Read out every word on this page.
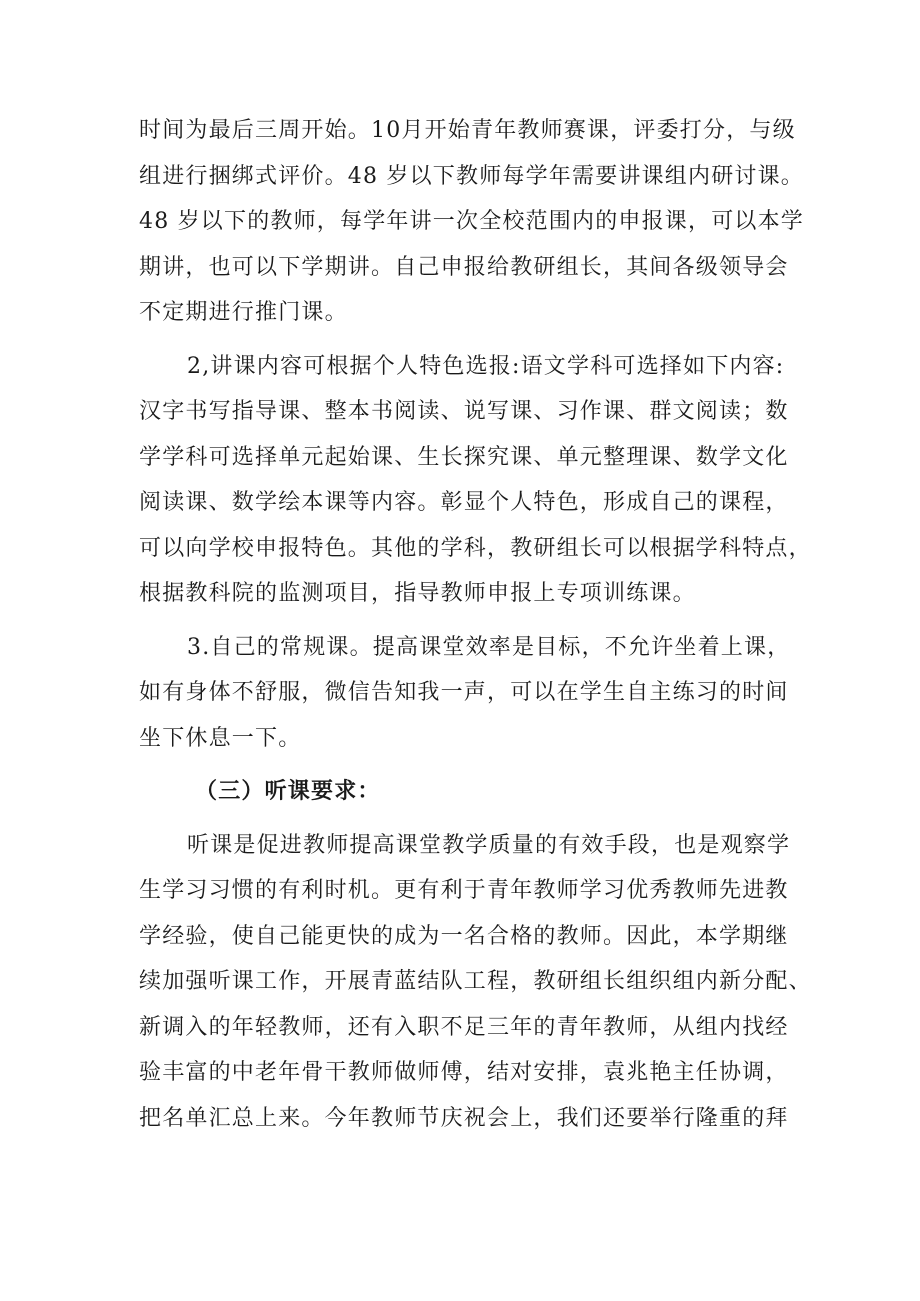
时间为最后三周开始。10月开始青年教师赛课，评委打分，与级
组进行捆绑式评价。48 岁以下教师每学年需要讲课组内研讨课。
48 岁以下的教师，每学年讲一次全校范围内的申报课，可以本学
期讲，也可以下学期讲。自己申报给教研组长，其间各级领导会
不定期进行推门课。
2,讲课内容可根据个人特色选报:语文学科可选择如下内容:
汉字书写指导课、整本书阅读、说写课、习作课、群文阅读；数
学学科可选择单元起始课、生长探究课、单元整理课、数学文化
阅读课、数学绘本课等内容。彰显个人特色，形成自己的课程，
可以向学校申报特色。其他的学科，教研组长可以根据学科特点，
根据教科院的监测项目，指导教师申报上专项训练课。
3.自己的常规课。提高课堂效率是目标，不允许坐着上课，
如有身体不舒服，微信告知我一声，可以在学生自主练习的时间
坐下休息一下。
（三）听课要求：
听课是促进教师提高课堂教学质量的有效手段，也是观察学
生学习习惯的有利时机。更有利于青年教师学习优秀教师先进教
学经验，使自己能更快的成为一名合格的教师。因此，本学期继
续加强听课工作，开展青蓝结队工程，教研组长组织组内新分配、
新调入的年轻教师，还有入职不足三年的青年教师，从组内找经
验丰富的中老年骨干教师做师傅，结对安排，袁兆艳主任协调，
把名单汇总上来。今年教师节庆祝会上，我们还要举行隆重的拜
